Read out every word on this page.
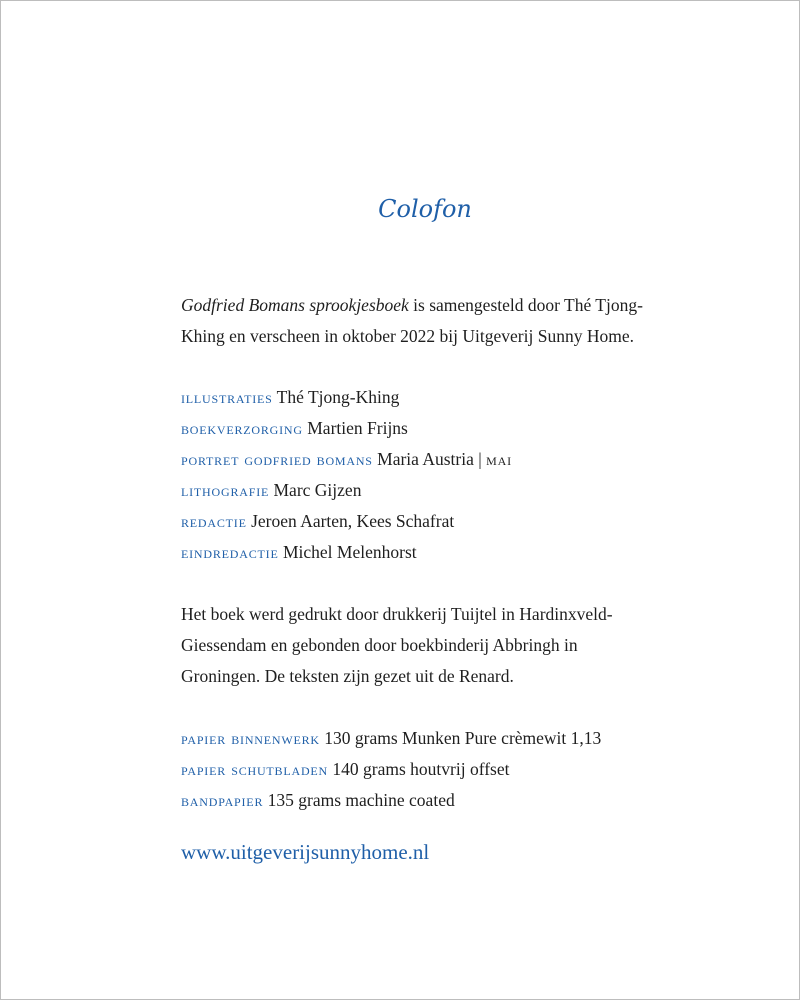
Colofon

Godfried Bomans sprookjesboek is samengesteld door Thé Tjong-Khing en verscheen in oktober 2022 bij Uitgeverij Sunny Home.

illustraties Thé Tjong-Khing
boekverzorging Martien Frijns
portret godfried bomans Maria Austria | mai
lithografie Marc Gijzen
redactie Jeroen Aarten, Kees Schafrat
eindredactie Michel Melenhorst

Het boek werd gedrukt door drukkerij Tuijtel in Hardinxveld-Giessendam en gebonden door boekbinderij Abbringh in Groningen. De teksten zijn gezet uit de Renard.

papier binnenwerk 130 grams Munken Pure crèmewit 1,13
papier schutbladen 140 grams houtvrij offset
bandpapier 135 grams machine coated
www.uitgeverijsunnyhome.nl
